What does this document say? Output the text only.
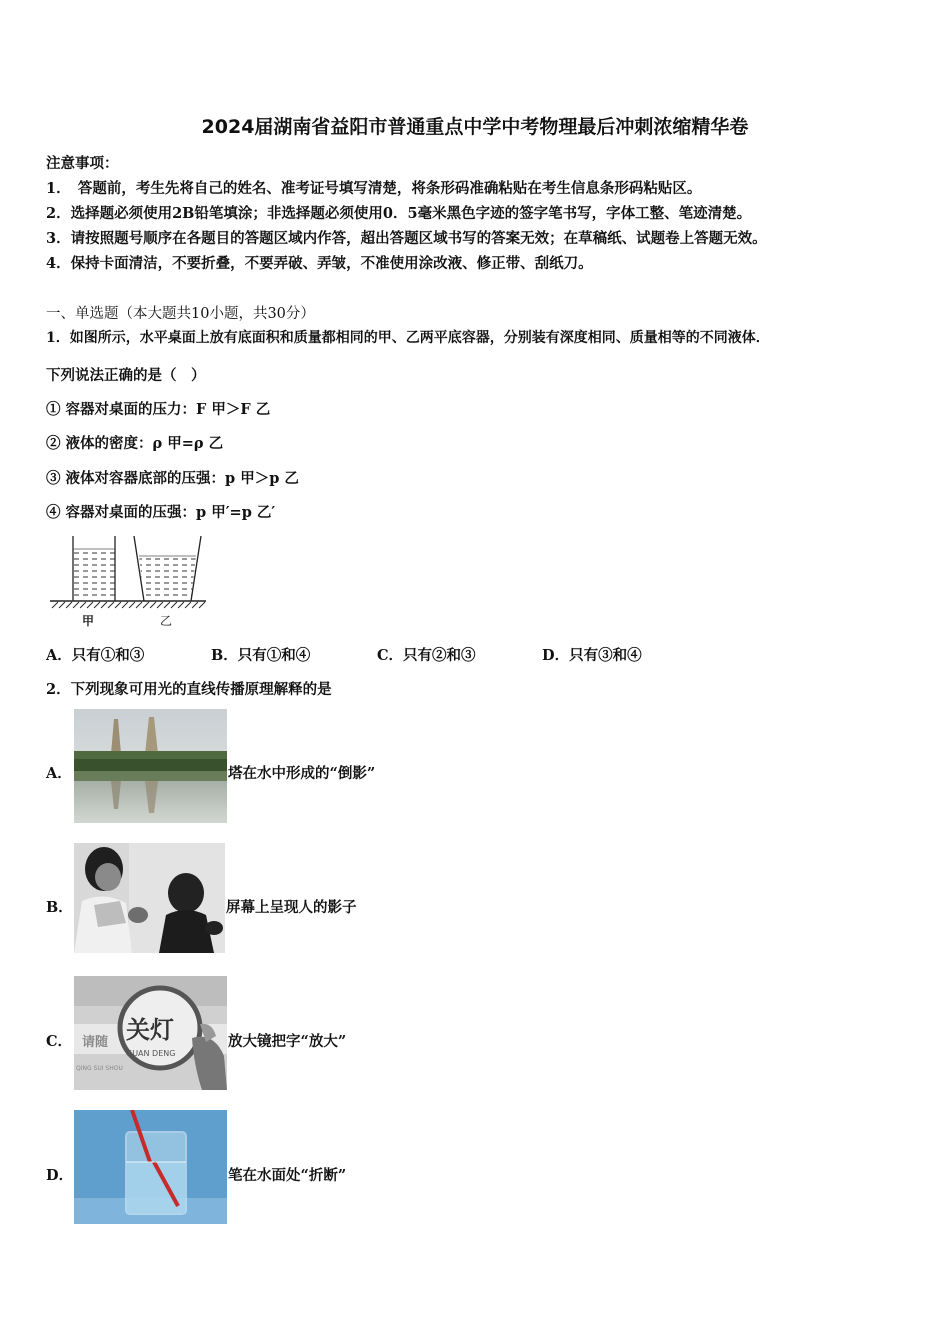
2024届湖南省益阳市普通重点中学中考物理最后冲刺浓缩精华卷
注意事项：
1．　答题前，考生先将自己的姓名、准考证号填写清楚，将条形码准确粘贴在考生信息条形码粘贴区。
2．选择题必须使用2B铅笔填涂；非选择题必须使用0．5毫米黑色字迹的签字笔书写，字体工整、笔迹清楚。
3．请按照题号顺序在各题目的答题区域内作答，超出答题区域书写的答案无效；在草稿纸、试题卷上答题无效。
4．保持卡面清洁，不要折叠，不要弄破、弄皱，不准使用涂改液、修正带、刮纸刀。
一、单选题（本大题共10小题，共30分）
1．如图所示，水平桌面上放有底面积和质量都相同的甲、乙两平底容器，分别装有深度相同、质量相等的不同液体．
下列说法正确的是（　）
① 容器对桌面的压力：F 甲＞F 乙
② 液体的密度：ρ 甲=ρ 乙
③ 液体对容器底部的压强：p 甲＞p 乙
④ 容器对桌面的压强：p 甲′=p 乙′
甲	乙
A．只有①和③	B．只有①和④	C．只有②和③	D．只有③和④
2．下列现象可用光的直线传播原理解释的是
A．	塔在水中形成的“倒影”
B．	屏幕上呈现人的影子
C． 请随
QING SUI SHOU
关灯
GUAN DENG
放大镜把字“放大”
D．	笔在水面处“折断”
